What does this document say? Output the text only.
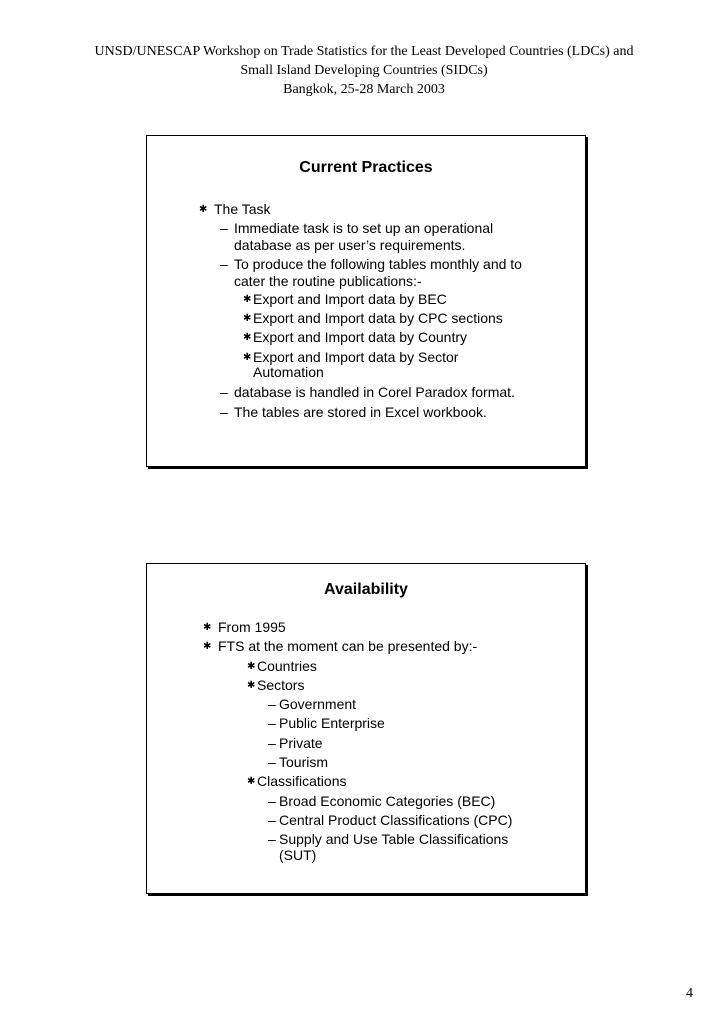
UNSD/UNESCAP Workshop on Trade Statistics for the Least Developed Countries (LDCs) and
Small Island Developing Countries (SIDCs)
Bangkok, 25-28 March 2003
Current Practices
✱ The Task
– Immediate task is to set up an operational
database as per user’s requirements.
– To produce the following tables monthly and to
cater the routine publications:-
✱ Export and Import data by BEC
✱ Export and Import data by CPC sections
✱ Export and Import data by Country
✱ Export and Import data by Sector
Automation
– database is handled in Corel Paradox format.
– The tables are stored in Excel workbook.
Availability
✱ From 1995
✱ FTS at the moment can be presented by:-
✱ Countries
✱ Sectors
– Government
– Public Enterprise
– Private
– Tourism
✱ Classifications
– Broad Economic Categories (BEC)
– Central Product Classifications (CPC)
– Supply and Use Table Classifications
(SUT)
4
